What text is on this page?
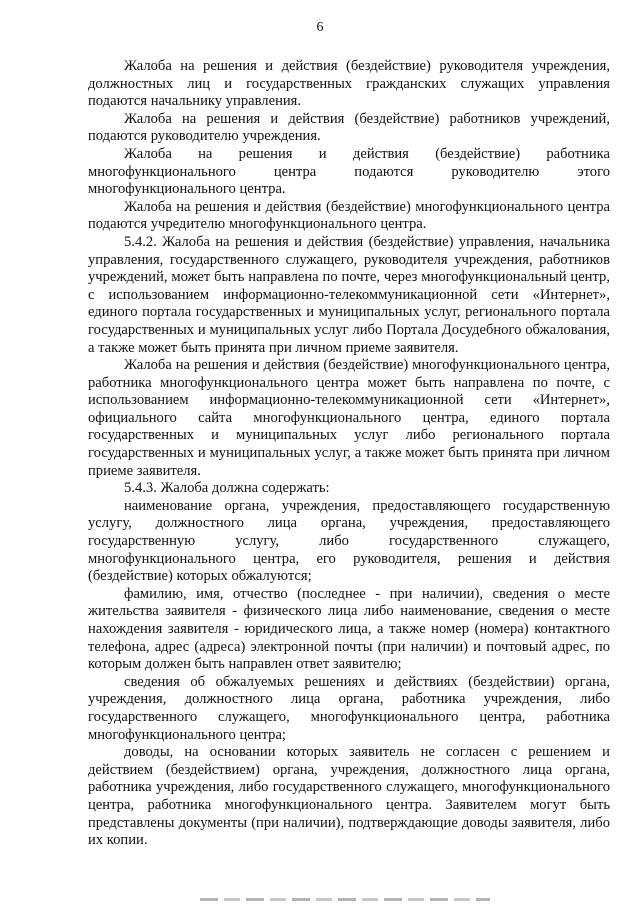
6

Жалоба на решения и действия (бездействие) руководителя учреждения, должностных лиц и государственных гражданских служащих управления подаются начальнику управления.

Жалоба на решения и действия (бездействие) работников учреждений, подаются руководителю учреждения.

Жалоба на решения и действия (бездействие) работника многофункционального центра подаются руководителю этого многофункционального центра.

Жалоба на решения и действия (бездействие) многофункционального центра подаются учредителю многофункционального центра.

5.4.2. Жалоба на решения и действия (бездействие) управления, начальника управления, государственного служащего, руководителя учреждения, работников учреждений, может быть направлена по почте, через многофункциональный центр, с использованием информационно-телекоммуникационной сети «Интернет», единого портала государственных и муниципальных услуг, регионального портала государственных и муниципальных услуг либо Портала Досудебного обжалования, а также может быть принята при личном приеме заявителя.

Жалоба на решения и действия (бездействие) многофункционального центра, работника многофункционального центра может быть направлена по почте, с использованием информационно-телекоммуникационной сети «Интернет», официального сайта многофункционального центра, единого портала государственных и муниципальных услуг либо регионального портала государственных и муниципальных услуг, а также может быть принята при личном приеме заявителя.

5.4.3. Жалоба должна содержать:

наименование органа, учреждения, предоставляющего государственную услугу, должностного лица органа, учреждения, предоставляющего государственную услугу, либо государственного служащего, многофункционального центра, его руководителя, решения и действия (бездействие) которых обжалуются;

фамилию, имя, отчество (последнее - при наличии), сведения о месте жительства заявителя - физического лица либо наименование, сведения о месте нахождения заявителя - юридического лица, а также номер (номера) контактного телефона, адрес (адреса) электронной почты (при наличии) и почтовый адрес, по которым должен быть направлен ответ заявителю;

сведения об обжалуемых решениях и действиях (бездействии) органа, учреждения, должностного лица органа, работника учреждения, либо государственного служащего, многофункционального центра, работника многофункционального центра;

доводы, на основании которых заявитель не согласен с решением и действием (бездействием) органа, учреждения, должностного лица органа, работника учреждения, либо государственного служащего, многофункционального центра, работника многофункционального центра. Заявителем могут быть представлены документы (при наличии), подтверждающие доводы заявителя, либо их копии.
